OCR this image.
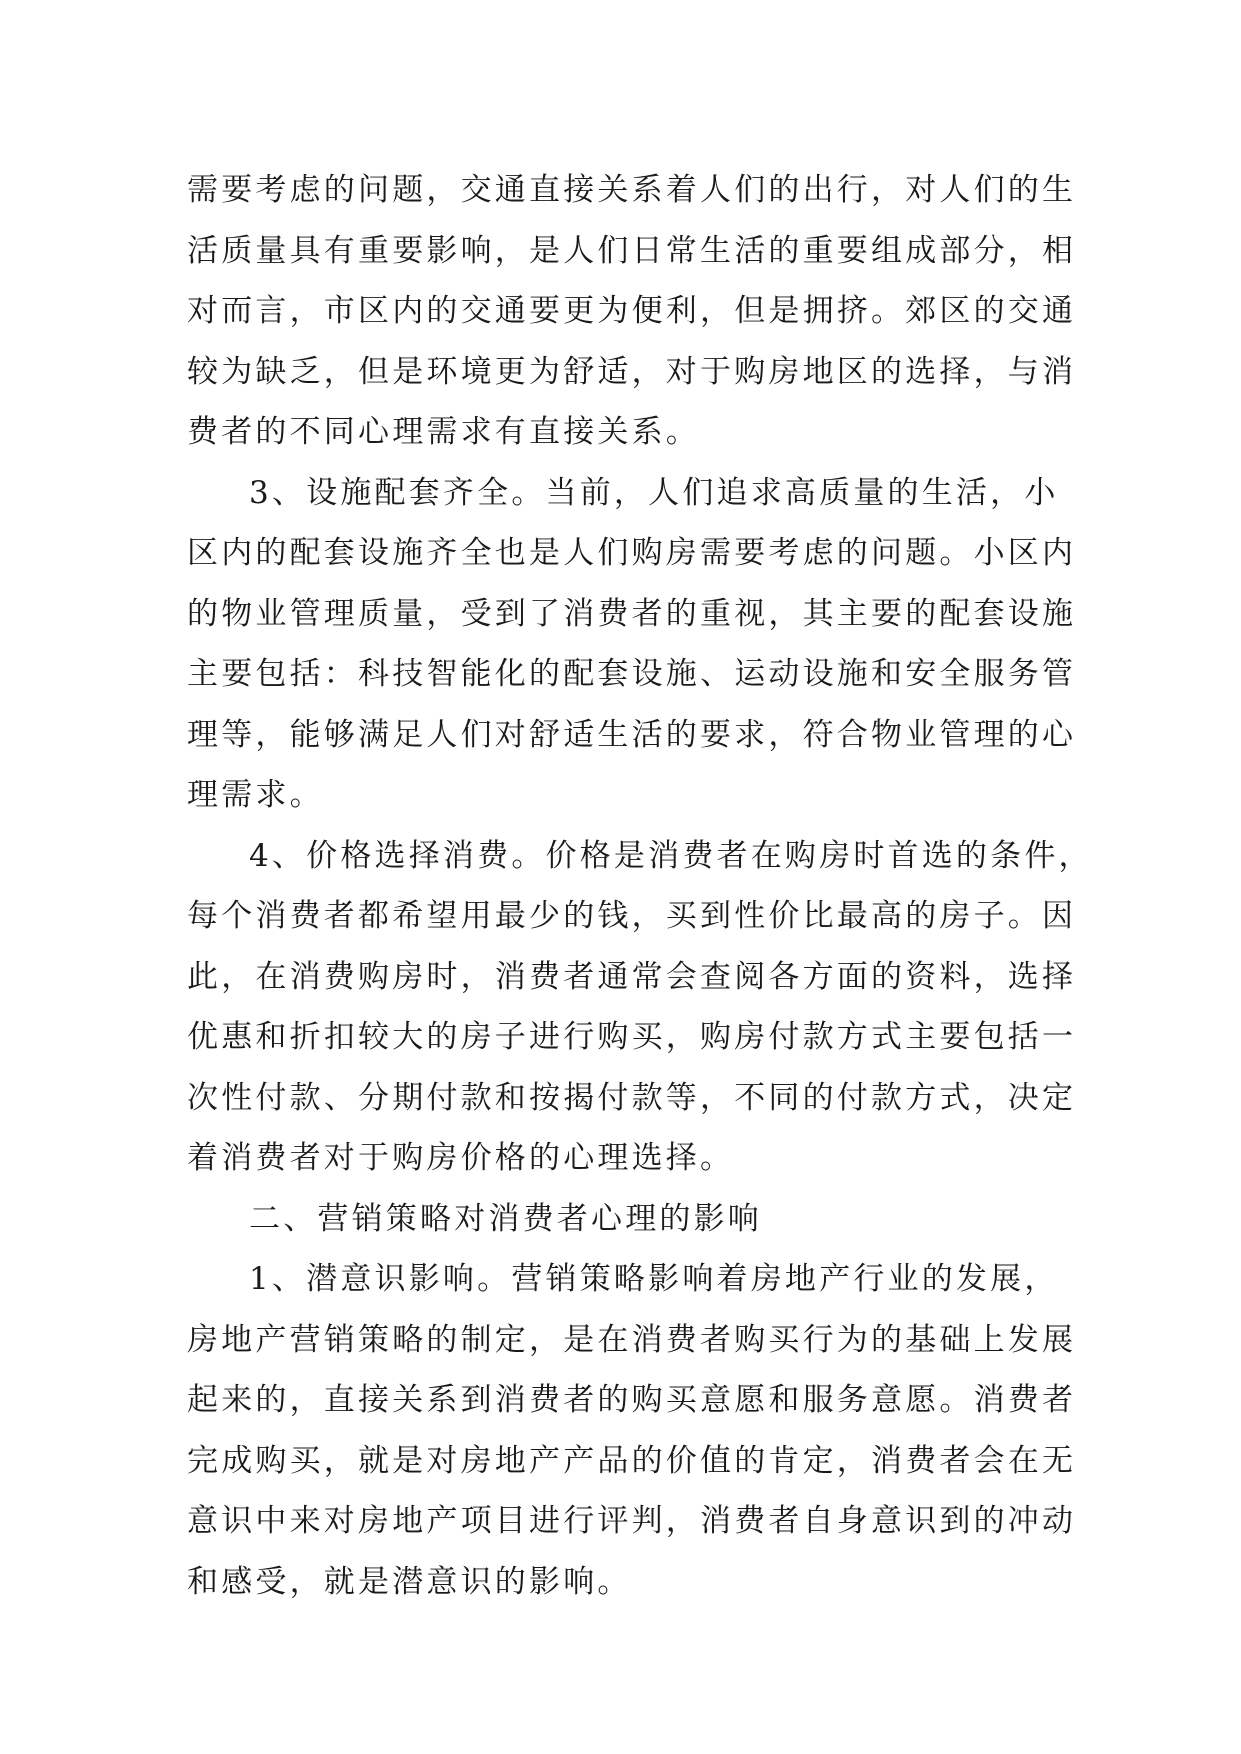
需要考虑的问题，交通直接关系着人们的出行，对人们的生
活质量具有重要影响，是人们日常生活的重要组成部分，相
对而言，市区内的交通要更为便利，但是拥挤。郊区的交通
较为缺乏，但是环境更为舒适，对于购房地区的选择，与消
费者的不同心理需求有直接关系。
3、设施配套齐全。当前，人们追求高质量的生活，小
区内的配套设施齐全也是人们购房需要考虑的问题。小区内
的物业管理质量，受到了消费者的重视，其主要的配套设施
主要包括：科技智能化的配套设施、运动设施和安全服务管
理等，能够满足人们对舒适生活的要求，符合物业管理的心
理需求。
4、价格选择消费。价格是消费者在购房时首选的条件，
每个消费者都希望用最少的钱，买到性价比最高的房子。因
此，在消费购房时，消费者通常会查阅各方面的资料，选择
优惠和折扣较大的房子进行购买，购房付款方式主要包括一
次性付款、分期付款和按揭付款等，不同的付款方式，决定
着消费者对于购房价格的心理选择。
二、营销策略对消费者心理的影响
1、潜意识影响。营销策略影响着房地产行业的发展，
房地产营销策略的制定，是在消费者购买行为的基础上发展
起来的，直接关系到消费者的购买意愿和服务意愿。消费者
完成购买，就是对房地产产品的价值的肯定，消费者会在无
意识中来对房地产项目进行评判，消费者自身意识到的冲动
和感受，就是潜意识的影响。
